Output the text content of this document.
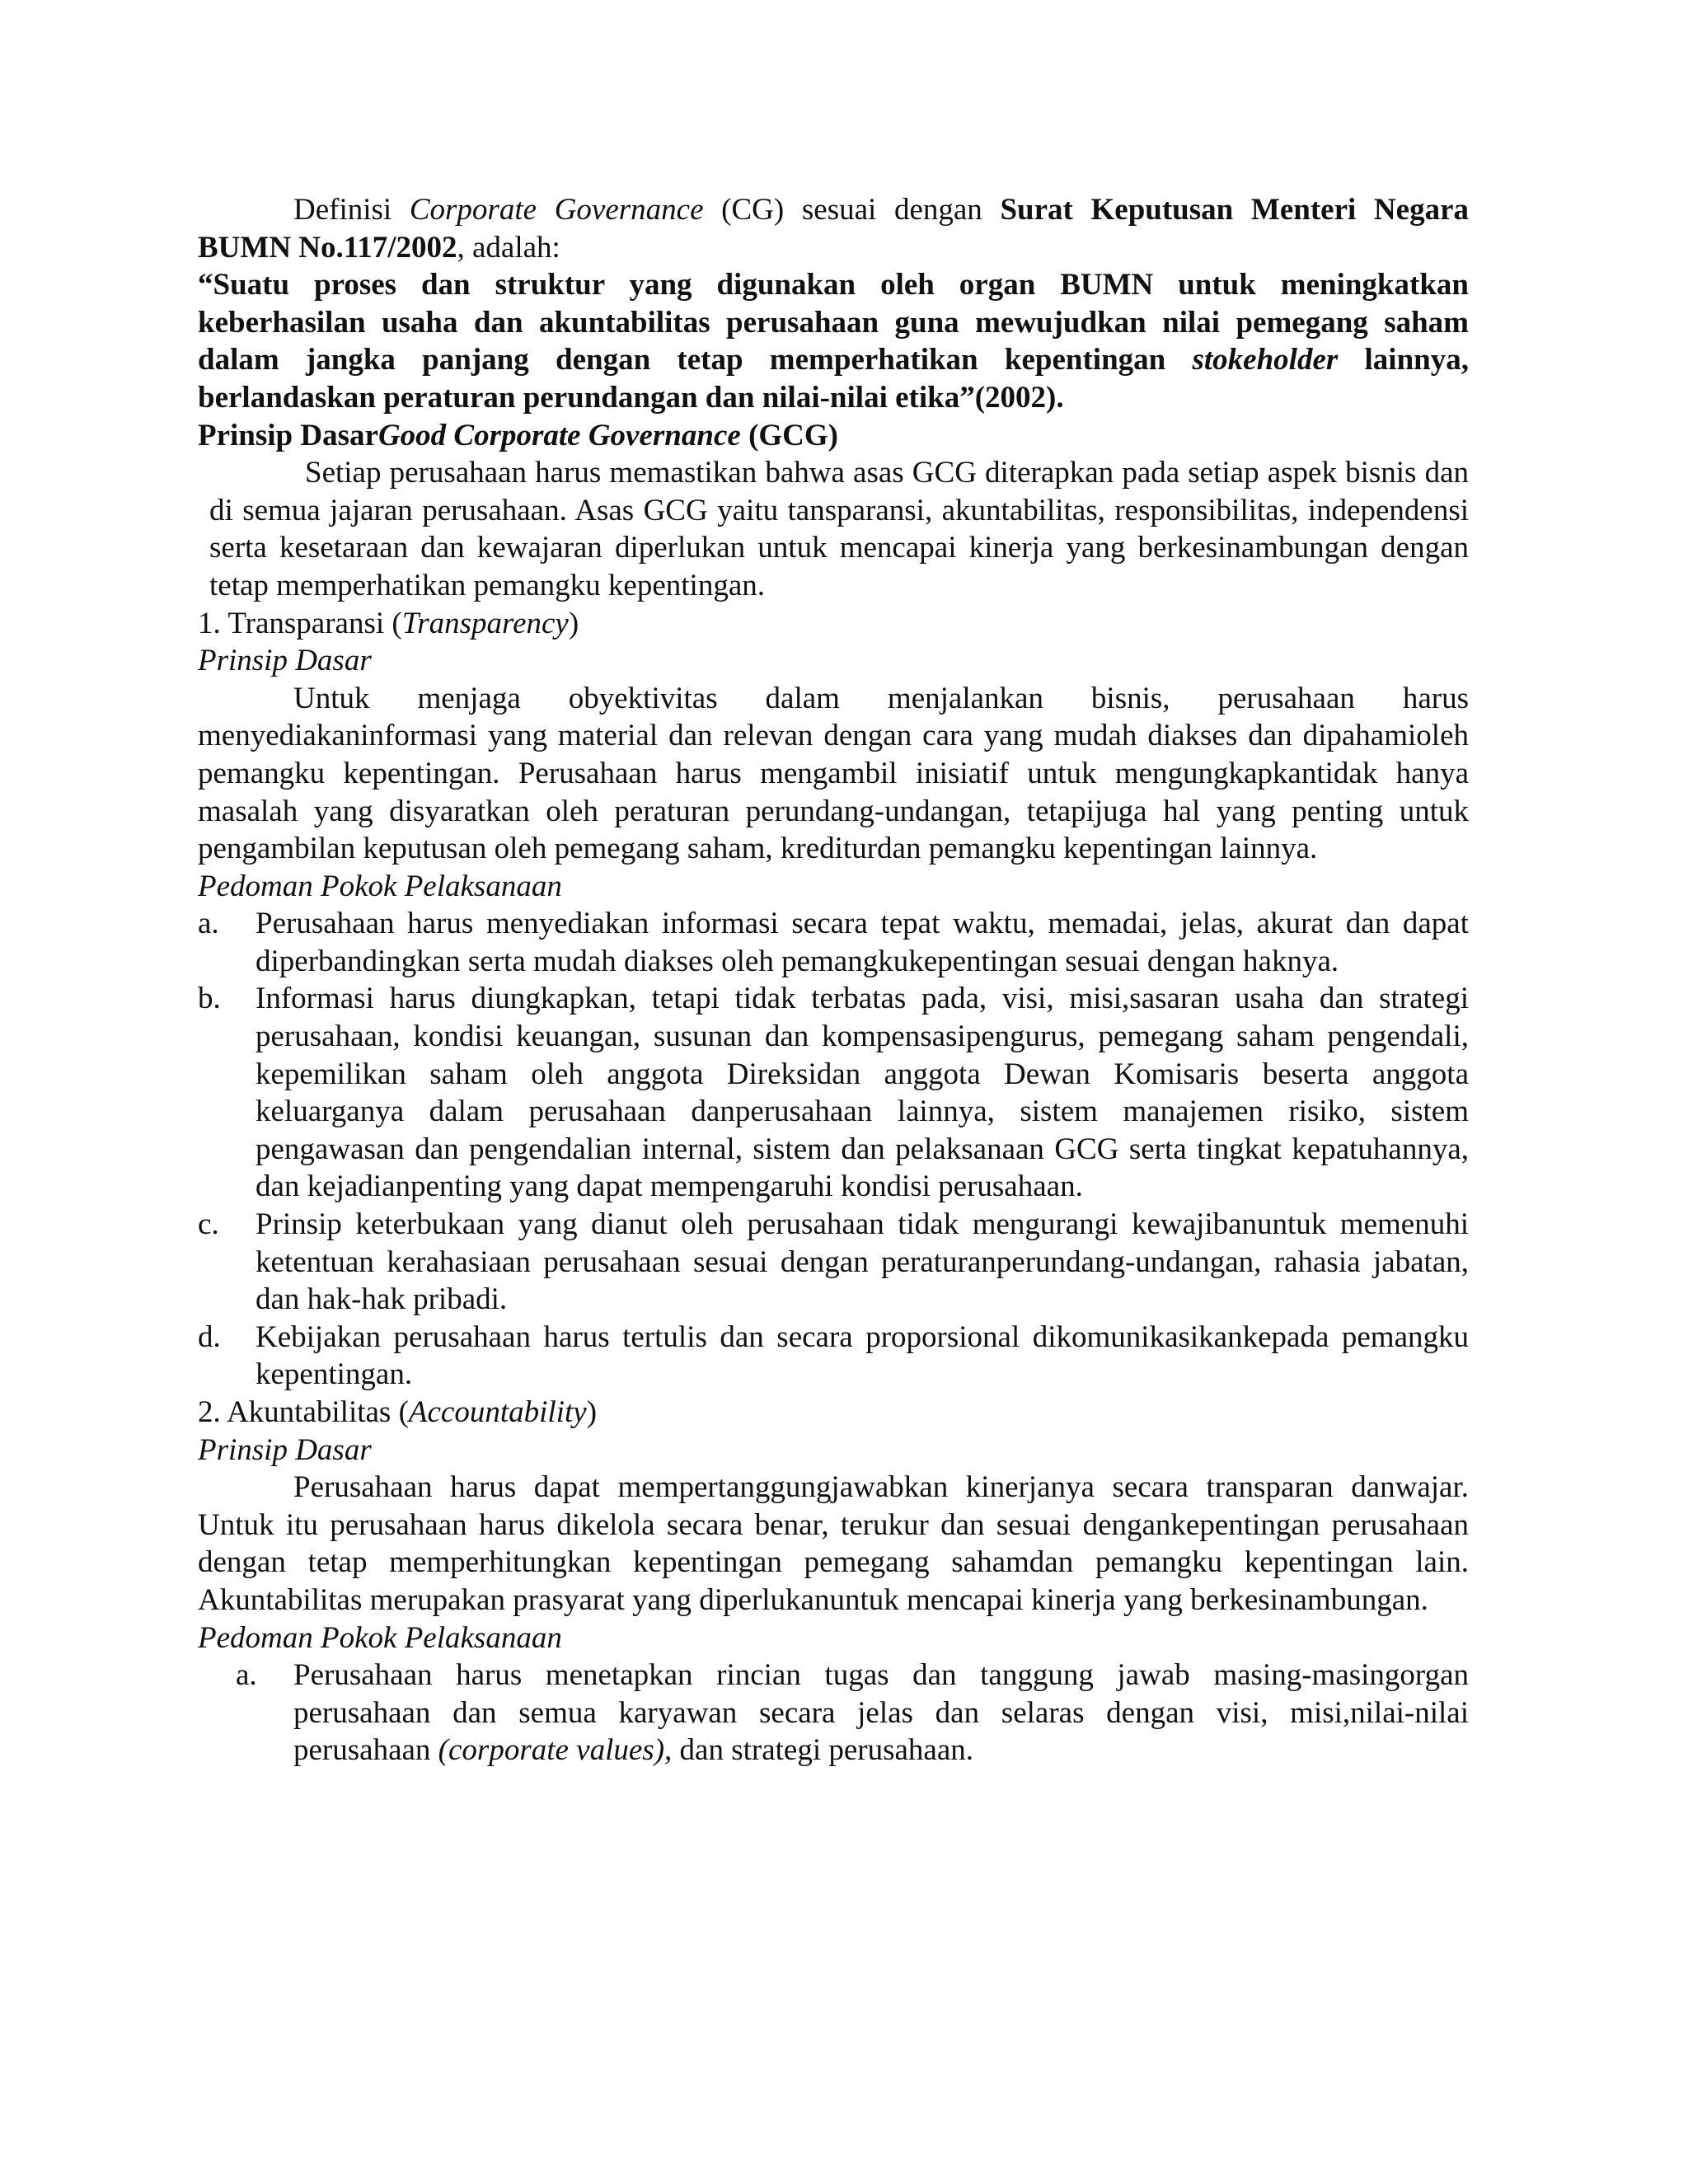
Definisi Corporate Governance (CG) sesuai dengan Surat Keputusan Menteri Negara BUMN No.117/2002, adalah:

“Suatu proses dan struktur yang digunakan oleh organ BUMN untuk meningkatkan keberhasilan usaha dan akuntabilitas perusahaan guna mewujudkan nilai pemegang saham dalam jangka panjang dengan tetap memperhatikan kepentingan stokeholder lainnya, berlandaskan peraturan perundangan dan nilai-nilai etika”(2002).

Prinsip DasarGood Corporate Governance (GCG)

Setiap perusahaan harus memastikan bahwa asas GCG diterapkan pada setiap aspek bisnis dan di semua jajaran perusahaan. Asas GCG yaitu tansparansi, akuntabilitas, responsibilitas, independensi serta kesetaraan dan kewajaran diperlukan untuk mencapai kinerja yang berkesinambungan dengan tetap memperhatikan pemangku kepentingan.

1. Transparansi (Transparency)

Prinsip Dasar

Untuk menjaga obyektivitas dalam menjalankan bisnis, perusahaan harus menyediakaninformasi yang material dan relevan dengan cara yang mudah diakses dan dipahamioleh pemangku kepentingan. Perusahaan harus mengambil inisiatif untuk mengungkapkantidak hanya masalah yang disyaratkan oleh peraturan perundang-undangan, tetapijuga hal yang penting untuk pengambilan keputusan oleh pemegang saham, krediturdan pemangku kepentingan lainnya.

Pedoman Pokok Pelaksanaan

a. Perusahaan harus menyediakan informasi secara tepat waktu, memadai, jelas, akurat dan dapat diperbandingkan serta mudah diakses oleh pemangkukepentingan sesuai dengan haknya.
b. Informasi harus diungkapkan, tetapi tidak terbatas pada, visi, misi,sasaran usaha dan strategi perusahaan, kondisi keuangan, susunan dan kompensasipengurus, pemegang saham pengendali, kepemilikan saham oleh anggota Direksidan anggota Dewan Komisaris beserta anggota keluarganya dalam perusahaan danperusahaan lainnya, sistem manajemen risiko, sistem pengawasan dan pengendalian internal, sistem dan pelaksanaan GCG serta tingkat kepatuhannya, dan kejadianpenting yang dapat mempengaruhi kondisi perusahaan.
c. Prinsip keterbukaan yang dianut oleh perusahaan tidak mengurangi kewajibanuntuk memenuhi ketentuan kerahasiaan perusahaan sesuai dengan peraturanperundang-undangan, rahasia jabatan, dan hak-hak pribadi.
d. Kebijakan perusahaan harus tertulis dan secara proporsional dikomunikasikankepada pemangku kepentingan.

2. Akuntabilitas (Accountability)

Prinsip Dasar

Perusahaan harus dapat mempertanggungjawabkan kinerjanya secara transparan danwajar. Untuk itu perusahaan harus dikelola secara benar, terukur dan sesuai dengankepentingan perusahaan dengan tetap memperhitungkan kepentingan pemegang sahamdan pemangku kepentingan lain. Akuntabilitas merupakan prasyarat yang diperlukanuntuk mencapai kinerja yang berkesinambungan.

Pedoman Pokok Pelaksanaan

a. Perusahaan harus menetapkan rincian tugas dan tanggung jawab masing-masingorgan perusahaan dan semua karyawan secara jelas dan selaras dengan visi, misi,nilai-nilai perusahaan (corporate values), dan strategi perusahaan.
